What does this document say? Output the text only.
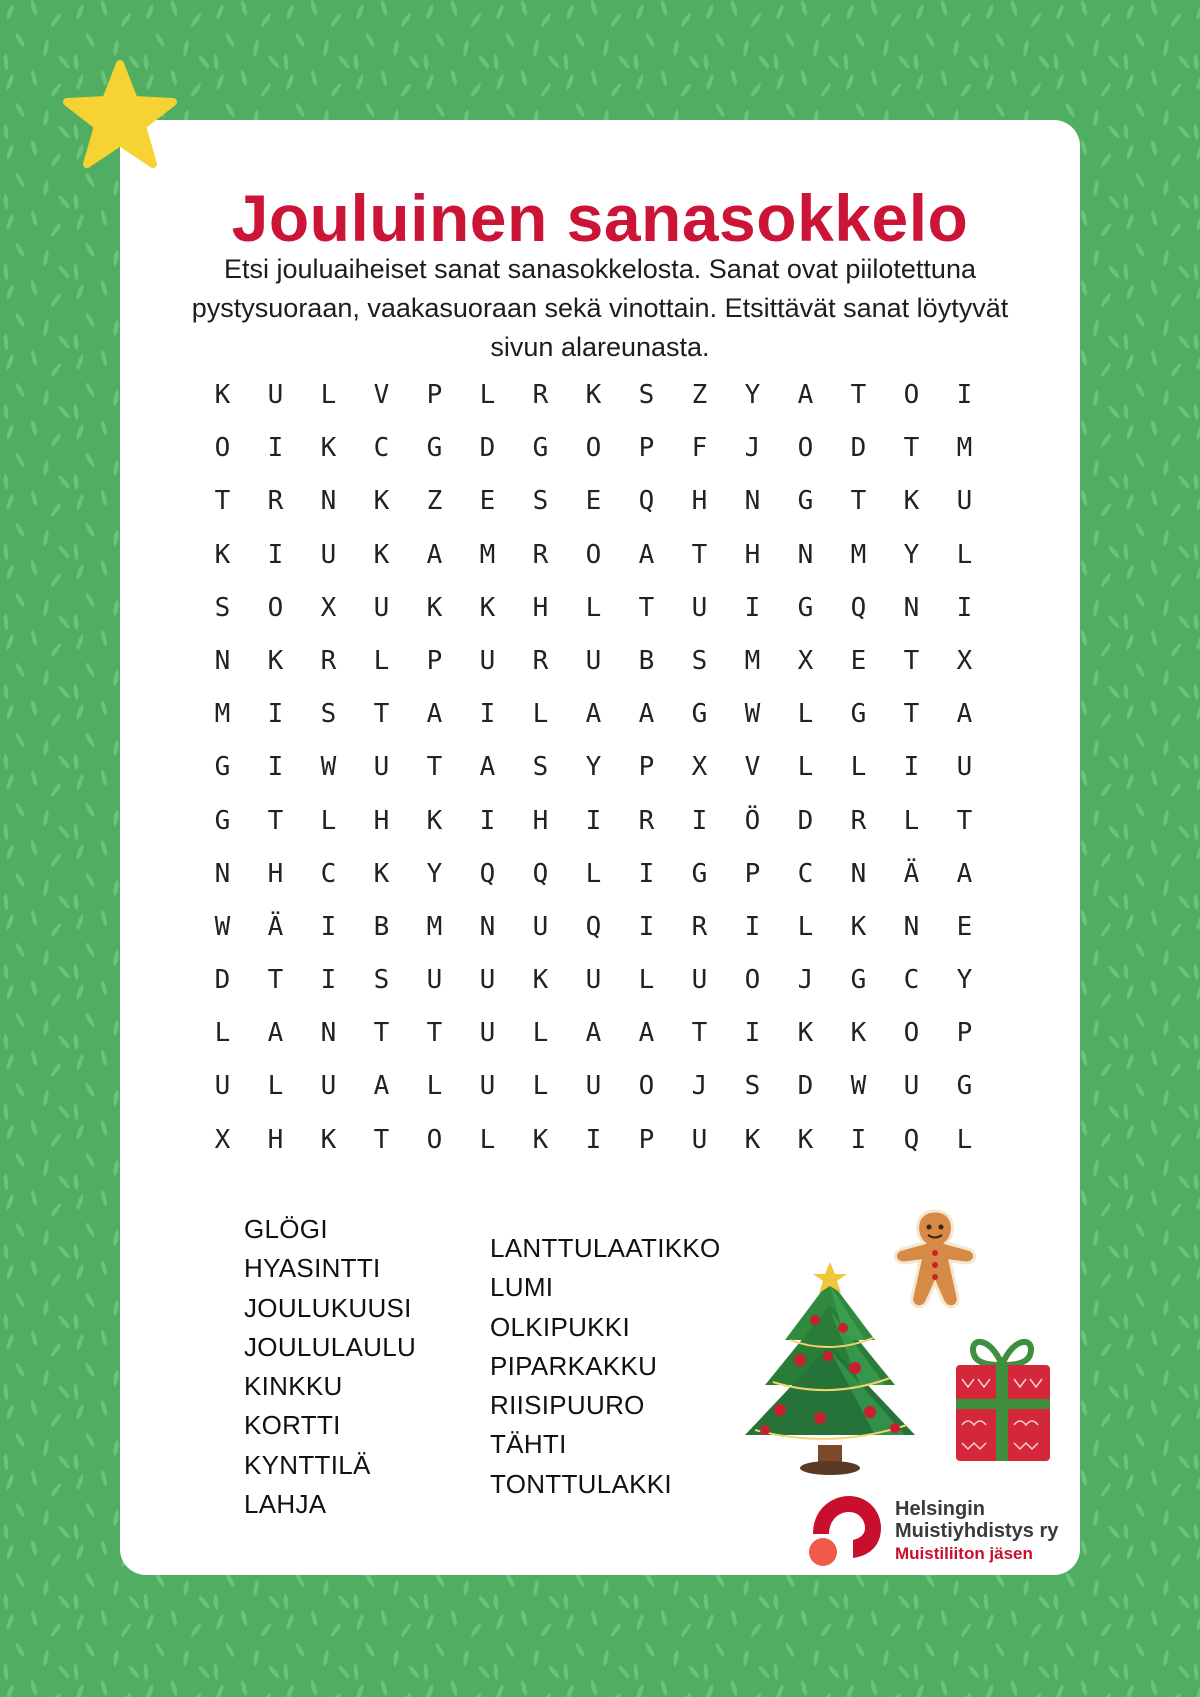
Jouluinen sanasokkelo
Etsi jouluaiheiset sanat sanasokkelosta. Sanat ovat piilotettuna pystysuoraan, vaakasuoraan sekä vinottain. Etsittävät sanat löytyvät sivun alareunasta.
K	U	L	V	P	L	R	K	S	Z	Y	A	T	O	I
O	I	K	C	G	D	G	O	P	F	J	O	D	T	M
T	R	N	K	Z	E	S	E	Q	H	N	G	T	K	U
K	I	U	K	A	M	R	O	A	T	H	N	M	Y	L
S	O	X	U	K	K	H	L	T	U	I	G	Q	N	I
N	K	R	L	P	U	R	U	B	S	M	X	E	T	X
M	I	S	T	A	I	L	A	A	G	W	L	G	T	A
G	I	W	U	T	A	S	Y	P	X	V	L	L	I	U
G	T	L	H	K	I	H	I	R	I	Ö	D	R	L	T
N	H	C	K	Y	Q	Q	L	I	G	P	C	N	Ä	A
W	Ä	I	B	M	N	U	Q	I	R	I	L	K	N	E
D	T	I	S	U	U	K	U	L	U	O	J	G	C	Y
L	A	N	T	T	U	L	A	A	T	I	K	K	O	P
U	L	U	A	L	U	L	U	O	J	S	D	W	U	G
X	H	K	T	O	L	K	I	P	U	K	K	I	Q	L
GLÖGI
HYASINTTI
JOULUKUUSI
JOULULAULU
KINKKU
KORTTI
KYNTTILÄ
LAHJA
LANTTULAATIKKO
LUMI
OLKIPUKKI
PIPARKAKKU
RIISIPUURO
TÄHTI
TONTTULAKKI
Helsingin
Muistiyhdistys ry
Muistiliiton jäsen
